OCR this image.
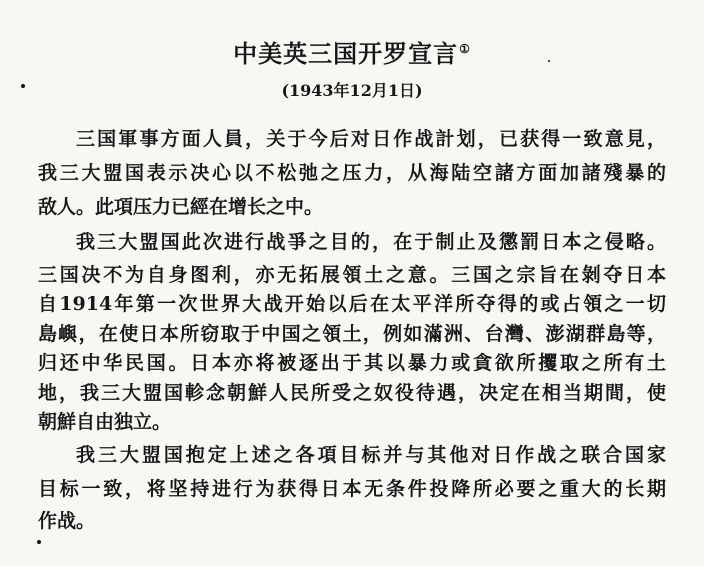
中美英三国开罗宣言①
(1943年12月1日)
三国軍事方面人員，关于今后对日作战計划，已获得一致意見，
我三大盟国表示决心以不松弛之压力，从海陆空諸方面加諸殘暴的
敌人。此項压力已經在增长之中。
我三大盟国此次进行战爭之目的，在于制止及懲罰日本之侵略。
三国决不为自身图利，亦无拓展領土之意。三国之宗旨在剝夺日本
自1914年第一次世界大战开始以后在太平洋所夺得的或占領之一切
島嶼，在使日本所窃取于中国之領土，例如滿洲、台灣、澎湖群島等，
归还中华民国。日本亦将被逐出于其以暴力或貪欲所攫取之所有土
地，我三大盟国軫念朝鮮人民所受之奴役待遇，决定在相当期間，使
朝鮮自由独立。
我三大盟国抱定上述之各項目标并与其他对日作战之联合国家
目标一致，将坚持进行为获得日本无条件投降所必要之重大的长期
作战。
